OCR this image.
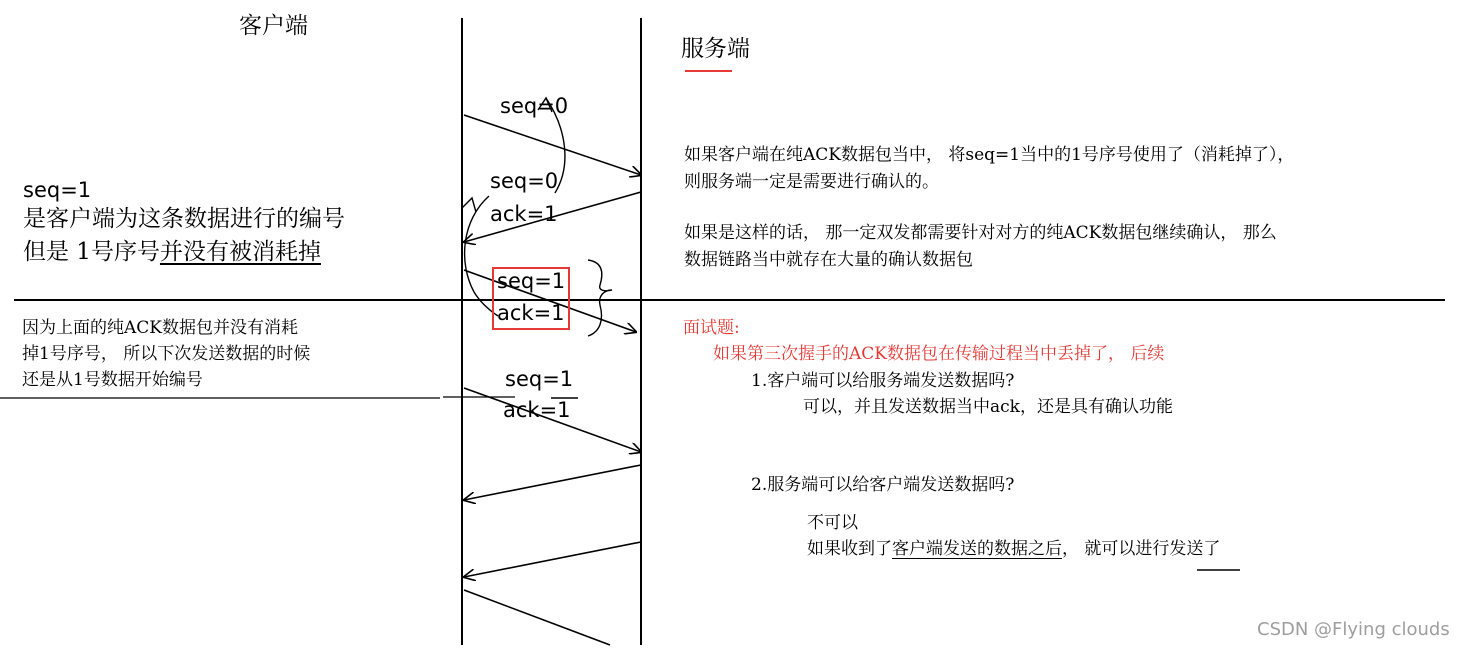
客户端
服务端
seq=1
是客户端为这条数据进行的编号
但是 1号序号并没有被消耗掉
因为上面的纯ACK数据包并没有消耗
掉1号序号， 所以下次发送数据的时候
还是从1号数据开始编号
seq=0
seq=0
ack=1
seq=1
ack=1
seq=1
ack=1
如果客户端在纯ACK数据包当中， 将seq=1当中的1号序号使用了（消耗掉了），
则服务端一定是需要进行确认的。
如果是这样的话， 那一定双发都需要针对对方的纯ACK数据包继续确认， 那么
数据链路当中就存在大量的确认数据包
面试题:
如果第三次握手的ACK数据包在传输过程当中丢掉了， 后续
1.客户端可以给服务端发送数据吗?
可以，并且发送数据当中ack，还是具有确认功能
2.服务端可以给客户端发送数据吗?
不可以
如果收到了客户端发送的数据之后， 就可以进行发送了
CSDN @Flying clouds
